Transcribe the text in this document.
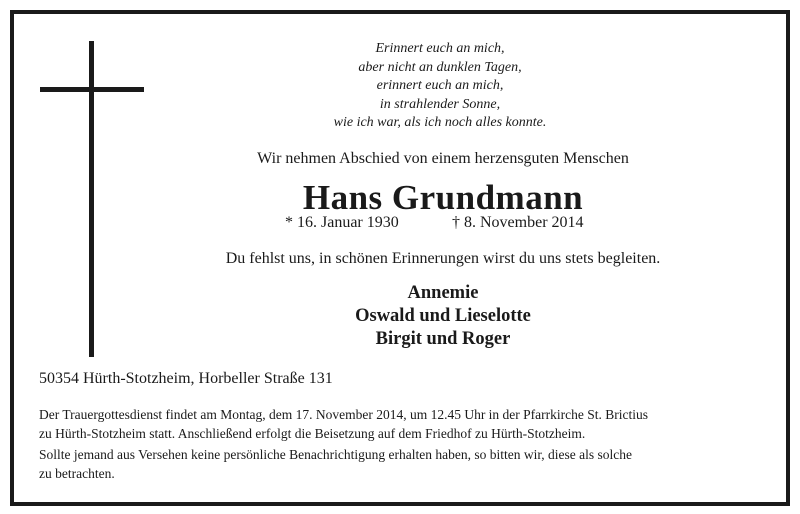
Erinnert euch an mich,
aber nicht an dunklen Tagen,
erinnert euch an mich,
in strahlender Sonne,
wie ich war, als ich noch alles konnte.
Wir nehmen Abschied von einem herzensguten Menschen
Hans Grundmann
* 16. Januar 1930	† 8. November 2014
Du fehlst uns, in schönen Erinnerungen wirst du uns stets begleiten.
Annemie
Oswald und Lieselotte
Birgit und Roger
50354 Hürth-Stotzheim, Horbeller Straße 131
Der Trauergottesdienst findet am Montag, dem 17. November 2014, um 12.45 Uhr in der Pfarrkirche St. Brictius
zu Hürth-Stotzheim statt. Anschließend erfolgt die Beisetzung auf dem Friedhof zu Hürth-Stotzheim.
Sollte jemand aus Versehen keine persönliche Benachrichtigung erhalten haben, so bitten wir, diese als solche
zu betrachten.
